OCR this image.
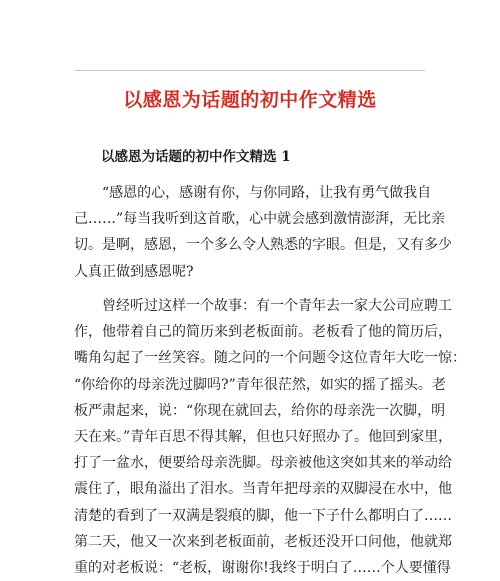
以感恩为话题的初中作文精选
以感恩为话题的初中作文精选 1
　　“感恩的心，感谢有你，与你同路，让我有勇气做我自
己……”每当我听到这首歌，心中就会感到激情澎湃，无比亲
切。是啊，感恩，一个多么令人熟悉的字眼。但是，又有多少
人真正做到感恩呢?
　　曾经听过这样一个故事：有一个青年去一家大公司应聘工
作，他带着自己的简历来到老板面前。老板看了他的简历后，
嘴角勾起了一丝笑容。随之问的一个问题令这位青年大吃一惊：
“你给你的母亲洗过脚吗?”青年很茫然，如实的摇了摇头。老
板严肃起来，说：“你现在就回去，给你的母亲洗一次脚，明
天在来。”青年百思不得其解，但也只好照办了。他回到家里，
打了一盆水，便要给母亲洗脚。母亲被他这突如其来的举动给
震住了，眼角溢出了泪水。当青年把母亲的双脚浸在水中，他
清楚的看到了一双满是裂痕的脚，他一下子什么都明白了……
第二天，他又一次来到老板面前，老板还没开口问他，他就郑
重的对老板说：“老板，谢谢你!我终于明白了……个人要懂得
